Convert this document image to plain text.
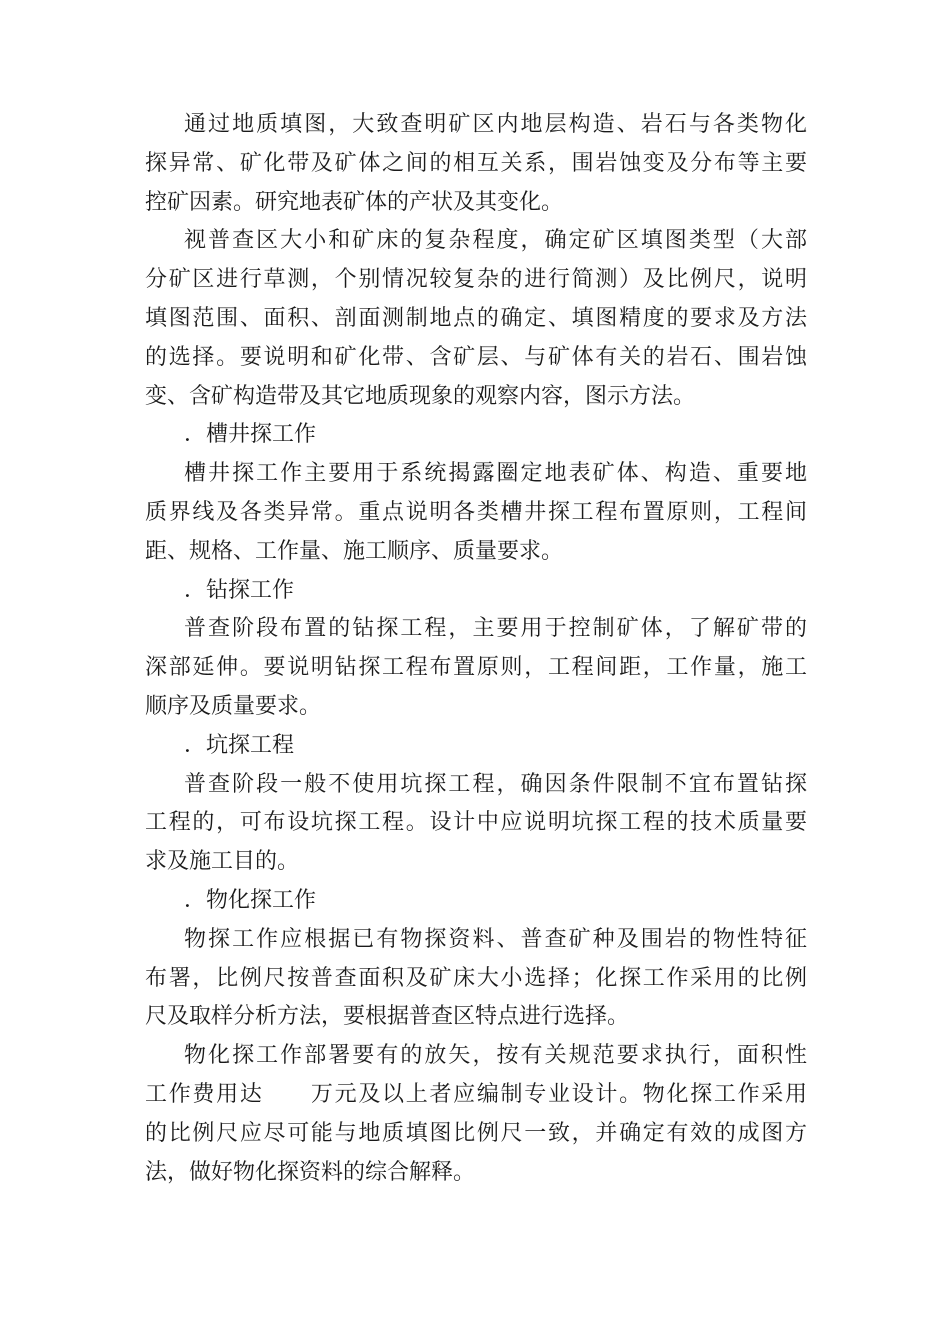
通过地质填图，大致查明矿区内地层构造、岩石与各类物化
探异常、矿化带及矿体之间的相互关系，围岩蚀变及分布等主要
控矿因素。研究地表矿体的产状及其变化。
视普查区大小和矿床的复杂程度，确定矿区填图类型（大部
分矿区进行草测，个别情况较复杂的进行简测）及比例尺，说明
填图范围、面积、剖面测制地点的确定、填图精度的要求及方法
的选择。要说明和矿化带、含矿层、与矿体有关的岩石、围岩蚀
变、含矿构造带及其它地质现象的观察内容，图示方法。
．槽井探工作
槽井探工作主要用于系统揭露圈定地表矿体、构造、重要地
质界线及各类异常。重点说明各类槽井探工程布置原则，工程间
距、规格、工作量、施工顺序、质量要求。
．钻探工作
普查阶段布置的钻探工程，主要用于控制矿体，了解矿带的
深部延伸。要说明钻探工程布置原则，工程间距，工作量，施工
顺序及质量要求。
．坑探工程
普查阶段一般不使用坑探工程，确因条件限制不宜布置钻探
工程的，可布设坑探工程。设计中应说明坑探工程的技术质量要
求及施工目的。
．物化探工作
物探工作应根据已有物探资料、普查矿种及围岩的物性特征
布署，比例尺按普查面积及矿床大小选择；化探工作采用的比例
尺及取样分析方法，要根据普查区特点进行选择。
物化探工作部署要有的放矢，按有关规范要求执行，面积性
工作费用达　　万元及以上者应编制专业设计。物化探工作采用
的比例尺应尽可能与地质填图比例尺一致，并确定有效的成图方
法，做好物化探资料的综合解释。
